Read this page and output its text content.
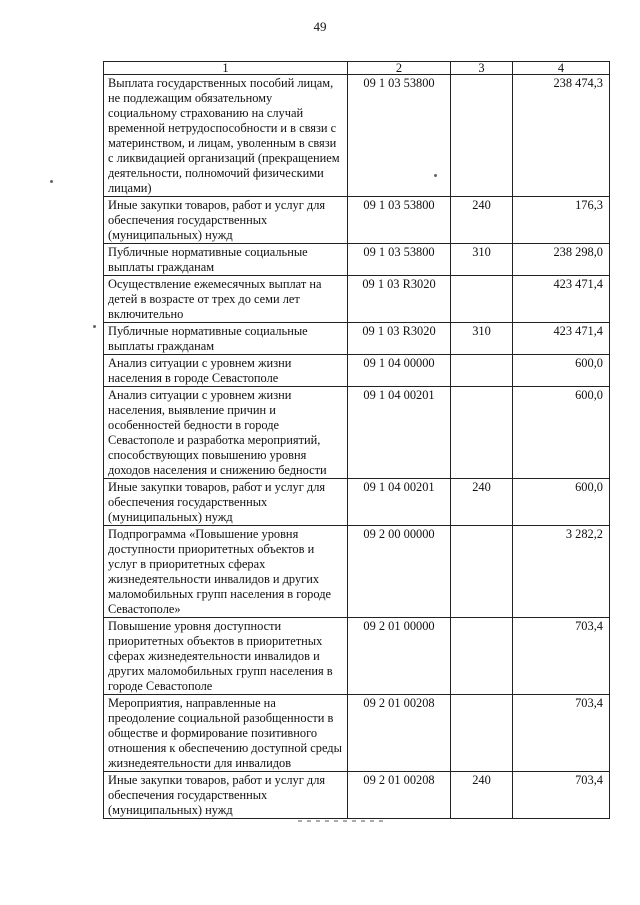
49
1	2	3	4
Выплата государственных пособий лицам, не подлежащим обязательному социальному страхованию на случай временной нетрудоспособности и в связи с материнством, и лицам, уволенным в связи с ликвидацией организаций (прекращением деятельности, полномочий физическими лицами)	09 1 03 53800		238 474,3
Иные закупки товаров, работ и услуг для обеспечения государственных (муниципальных) нужд	09 1 03 53800	240	176,3
Публичные нормативные социальные выплаты гражданам	09 1 03 53800	310	238 298,0
Осуществление ежемесячных выплат на детей в возрасте от трех до семи лет включительно	09 1 03 R3020		423 471,4
Публичные нормативные социальные выплаты гражданам	09 1 03 R3020	310	423 471,4
Анализ ситуации с уровнем жизни населения в городе Севастополе	09 1 04 00000		600,0
Анализ ситуации с уровнем жизни населения, выявление причин и особенностей бедности в городе Севастополе и разработка мероприятий, способствующих повышению уровня доходов населения и снижению бедности	09 1 04 00201		600,0
Иные закупки товаров, работ и услуг для обеспечения государственных (муниципальных) нужд	09 1 04 00201	240	600,0
Подпрограмма «Повышение уровня доступности приоритетных объектов и услуг в приоритетных сферах жизнедеятельности инвалидов и других маломобильных групп населения в городе Севастополе»	09 2 00 00000		3 282,2
Повышение уровня доступности приоритетных объектов в приоритетных сферах жизнедеятельности инвалидов и других маломобильных групп населения в городе Севастополе	09 2 01 00000		703,4
Мероприятия, направленные на преодоление социальной разобщенности в обществе и формирование позитивного отношения к обеспечению доступной среды жизнедеятельности для инвалидов	09 2 01 00208		703,4
Иные закупки товаров, работ и услуг для обеспечения государственных (муниципальных) нужд	09 2 01 00208	240	703,4
